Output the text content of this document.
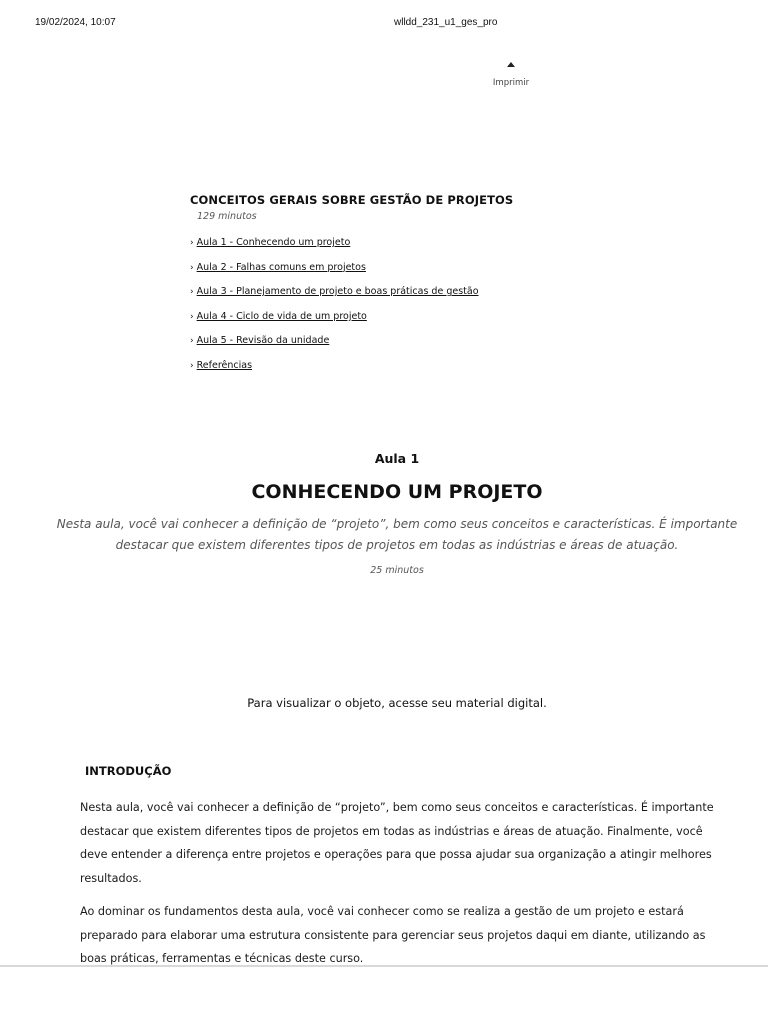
19/02/2024, 10:07	wlldd_231_u1_ges_pro
Imprimir
CONCEITOS GERAIS SOBRE GESTÃO DE PROJETOS
129 minutos
› Aula 1 - Conhecendo um projeto
› Aula 2 - Falhas comuns em projetos
› Aula 3 - Planejamento de projeto e boas práticas de gestão
› Aula 4 - Ciclo de vida de um projeto
› Aula 5 - Revisão da unidade
› Referências
Aula 1
CONHECENDO UM PROJETO

Nesta aula, você vai conhecer a definição de “projeto”, bem como seus conceitos e características. É importante destacar que existem diferentes tipos de projetos em todas as indústrias e áreas de atuação.

25 minutos
Para visualizar o objeto, acesse seu material digital.
INTRODUÇÃO

Nesta aula, você vai conhecer a definição de “projeto”, bem como seus conceitos e características. É importante destacar que existem diferentes tipos de projetos em todas as indústrias e áreas de atuação. Finalmente, você deve entender a diferença entre projetos e operações para que possa ajudar sua organização a atingir melhores resultados.

Ao dominar os fundamentos desta aula, você vai conhecer como se realiza a gestão de um projeto e estará preparado para elaborar uma estrutura consistente para gerenciar seus projetos daqui em diante, utilizando as boas práticas, ferramentas e técnicas deste curso.
